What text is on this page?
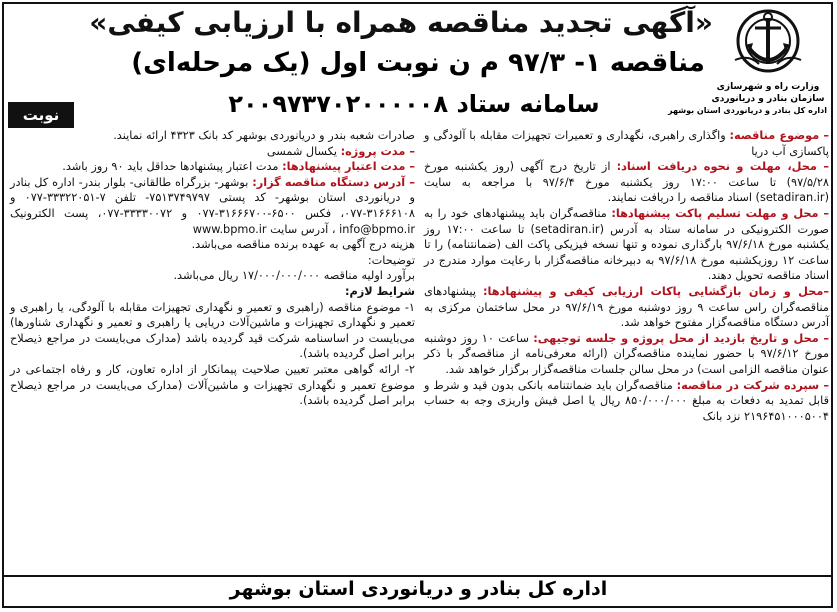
وزارت راه و شهرسازی
سازمان بنادر و دریانوردی
اداره کل بنادر و دریانوردی استان بوشهر
«آگهی تجدید مناقصه همراه با ارزیابی کیفی»
مناقصه ۱- ۹۷/۳ م ن نوبت اول (یک مرحله‌ای)
سامانه ستاد ۲۰۰۹۷۳۷۰۲۰۰۰۰۰۸
نوبت اول	– موضوع مناقصه: واگذاری راهبری، نگهداری و تعمیرات تجهیزات مقابله با آلودگی و پاکسازی آب دریا

– محل، مهلت و نحوه دریافت اسناد: از تاریخ درج آگهی (روز یکشنبه مورخ ۹۷/۵/۲۸) تا ساعت ۱۷:۰۰ روز یکشنبه مورخ ۹۷/۶/۴ با مراجعه به سایت (setadiran.ir) اسناد مناقصه را دریافت نمایند.

– محل و مهلت تسلیم پاکت پیشنهادها: مناقصه‌گران باید پیشنهادهای خود را به صورت الکترونیکی در سامانه ستاد به آدرس (setadiran.ir) تا ساعت ۱۷:۰۰ روز یکشنبه مورخ ۹۷/۶/۱۸ بارگذاری نموده و تنها نسخه فیزیکی پاکت الف (ضمانتنامه) را تا ساعت ۱۲ روزیکشنبه مورخ ۹۷/۶/۱۸ به دبیرخانه مناقصه‌گزار با رعایت موارد مندرج در اسناد مناقصه تحویل دهند.

–محل و زمان بازگشایی پاکات ارزیابی کیفی و پیشنهادها: پیشنهادهای مناقصه‌گران راس ساعت ۹ روز دوشنبه مورخ ۹۷/۶/۱۹ در محل ساختمان مرکزی به آدرس دستگاه مناقصه‌گزار مفتوح خواهد شد.

– محل و تاریخ بازدید از محل پروژه و جلسه توجیهی: ساعت ۱۰ روز دوشنبه مورخ ۹۷/۶/۱۲ با حضور نماینده مناقصه‌گران (ارائه معرفی‌نامه از مناقصه‌گر با ذکر عنوان مناقصه الزامی است) در محل سالن جلسات مناقصه‌گزار برگزار خواهد شد.

– سپرده شرکت در مناقصه: مناقصه‌گران باید ضمانتنامه بانکی بدون قید و شرط و قابل تمدید به دفعات به مبلغ ۸۵۰/۰۰۰/۰۰۰ ریال یا اصل فیش واریزی وجه به حساب ۲۱۹۶۴۵۱۰۰۰۵۰۰۴ نزد بانک

صادرات شعبه بندر و دریانوردی بوشهر کد بانک ۴۳۲۳ ارائه نمایند.

– مدت پروژه: یکسال شمسی

– مدت اعتبار پیشنهادها: مدت اعتبار پیشنهادها حداقل باید ۹۰ روز باشد.

– آدرس دستگاه مناقصه گزار: بوشهر- بزرگراه طالقانی- بلوار بندر- اداره کل بنادر و دریانوردی استان بوشهر- کد پستی ۷۵۱۳۷۴۹۷۹۷- تلفن ۷-۳۳۳۲۲۰۵۱-۰۷۷ و ۳۱۶۶۶۱۰۸-۰۷۷، فکس ۶۵۰۰-۳۱۶۶۶۷۰۰-۰۷۷ و ۳۳۳۳۰۰۷۲-۰۷۷، پست الکترونیک info@bpmo.ir ، آدرس سایت www.bpmo.ir

هزینه درج آگهی به عهده برنده مناقصه می‌باشد.

توضیحات:

برآورد اولیه مناقصه ۱۷/۰۰۰/۰۰۰/۰۰۰ ریال می‌باشد.

شرایط لازم:

۱- موضوع مناقصه (راهبری و تعمیر و نگهداری تجهیزات مقابله با آلودگی، یا راهبری و تعمیر و نگهداری تجهیزات و ماشین‌آلات دریایی یا راهبری و تعمیر و نگهداری شناورها) می‌بایست در اساسنامه شرکت قید گردیده باشد (مدارک می‌بایست در مراجع ذیصلاح برابر اصل گردیده باشد).

۲- ارائه گواهی معتبر تعیین صلاحیت پیمانکار از اداره تعاون، کار و رفاه اجتماعی در موضوع تعمیر و نگهداری تجهیزات و ماشین‌آلات (مدارک می‌بایست در مراجع ذیصلاح برابر اصل گردیده باشد).

اداره کل بنادر و دریانوردی استان بوشهر
